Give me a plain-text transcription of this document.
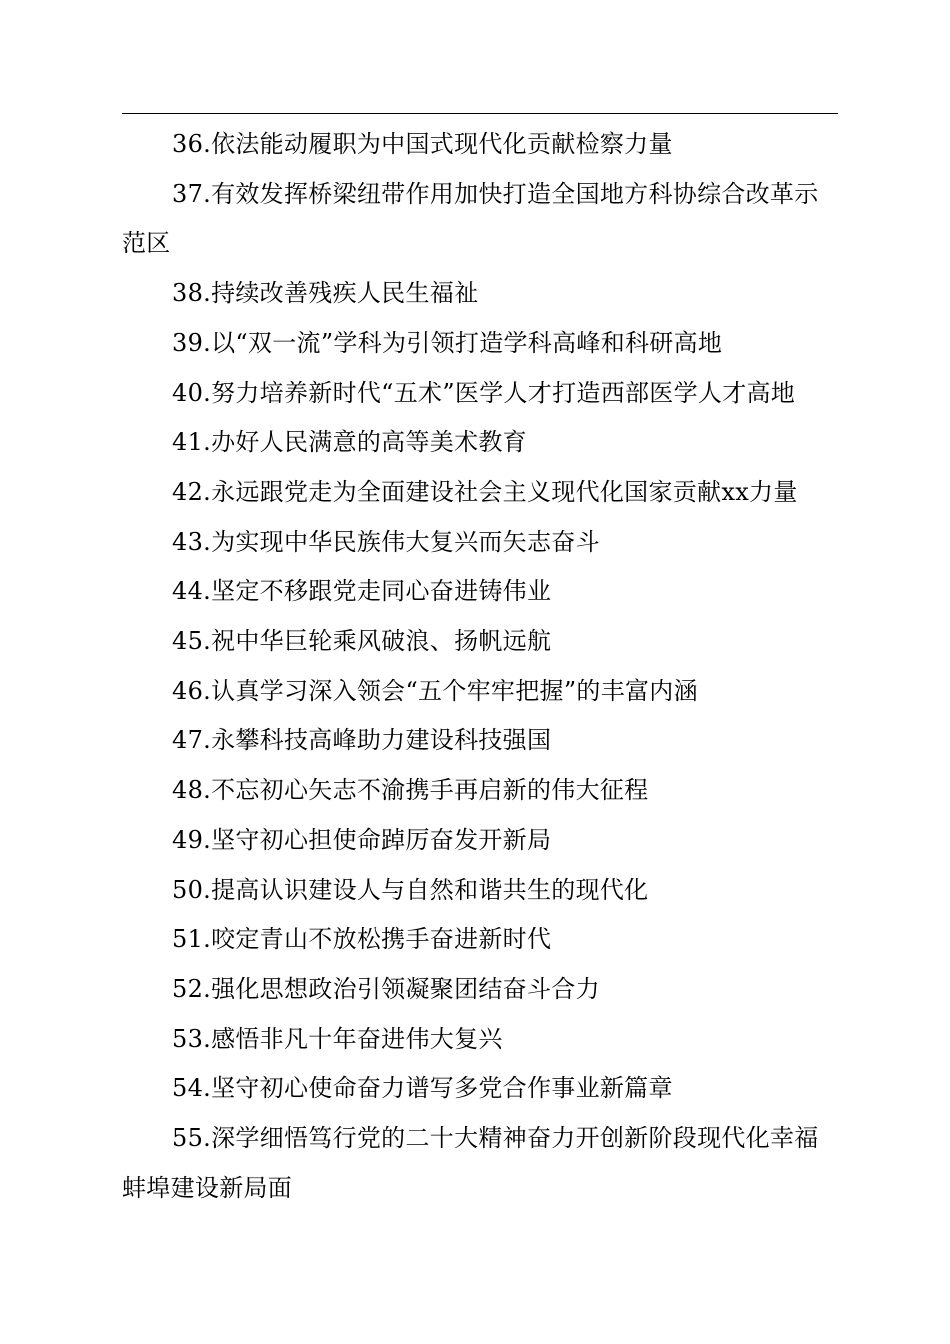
36.依法能动履职为中国式现代化贡献检察力量
37.有效发挥桥梁纽带作用加快打造全国地方科协综合改革示范区
38.持续改善残疾人民生福祉
39.以“双一流”学科为引领打造学科高峰和科研高地
40.努力培养新时代“五术”医学人才打造西部医学人才高地
41.办好人民满意的高等美术教育
42.永远跟党走为全面建设社会主义现代化国家贡献xx力量
43.为实现中华民族伟大复兴而矢志奋斗
44.坚定不移跟党走同心奋进铸伟业
45.祝中华巨轮乘风破浪、扬帆远航
46.认真学习深入领会“五个牢牢把握”的丰富内涵
47.永攀科技高峰助力建设科技强国
48.不忘初心矢志不渝携手再启新的伟大征程
49.坚守初心担使命踔厉奋发开新局
50.提高认识建设人与自然和谐共生的现代化
51.咬定青山不放松携手奋进新时代
52.强化思想政治引领凝聚团结奋斗合力
53.感悟非凡十年奋进伟大复兴
54.坚守初心使命奋力谱写多党合作事业新篇章
55.深学细悟笃行党的二十大精神奋力开创新阶段现代化幸福蚌埠建设新局面
